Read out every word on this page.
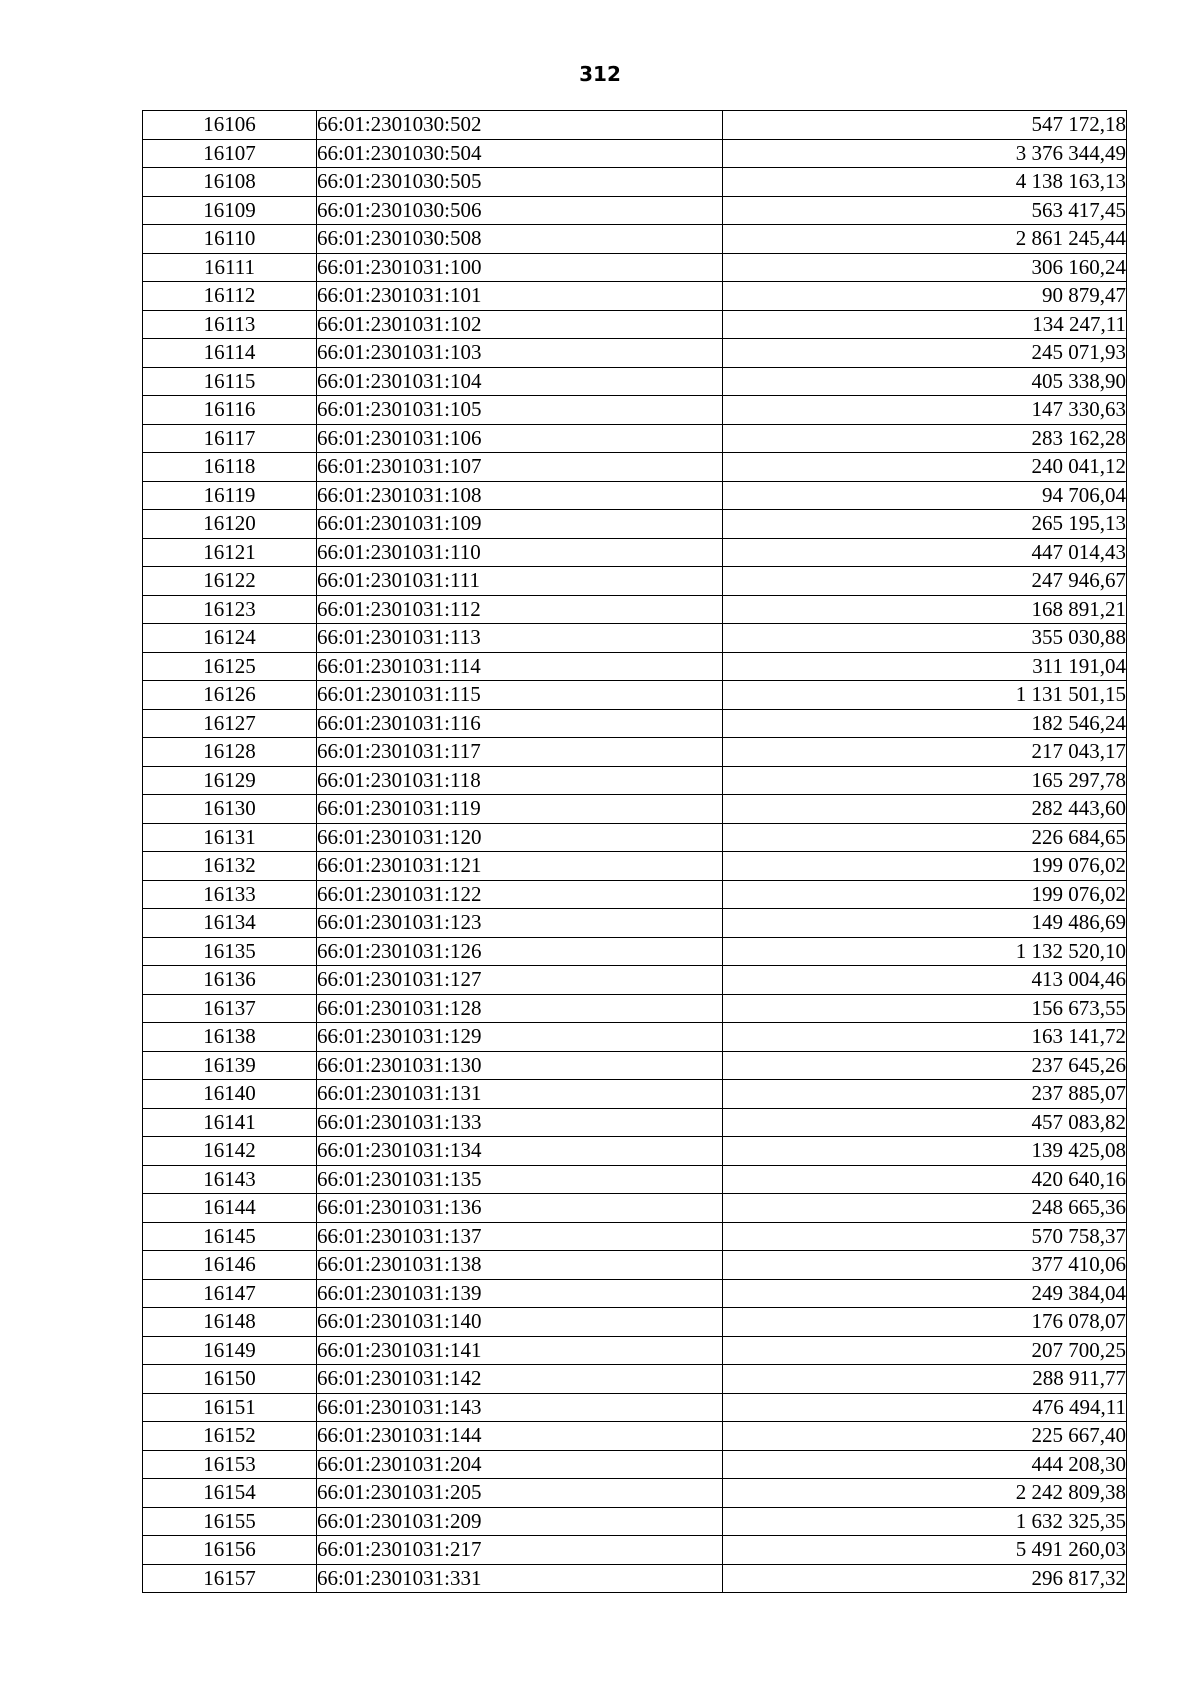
312
16106	66:01:2301030:502	547 172,18
16107	66:01:2301030:504	3 376 344,49
16108	66:01:2301030:505	4 138 163,13
16109	66:01:2301030:506	563 417,45
16110	66:01:2301030:508	2 861 245,44
16111	66:01:2301031:100	306 160,24
16112	66:01:2301031:101	90 879,47
16113	66:01:2301031:102	134 247,11
16114	66:01:2301031:103	245 071,93
16115	66:01:2301031:104	405 338,90
16116	66:01:2301031:105	147 330,63
16117	66:01:2301031:106	283 162,28
16118	66:01:2301031:107	240 041,12
16119	66:01:2301031:108	94 706,04
16120	66:01:2301031:109	265 195,13
16121	66:01:2301031:110	447 014,43
16122	66:01:2301031:111	247 946,67
16123	66:01:2301031:112	168 891,21
16124	66:01:2301031:113	355 030,88
16125	66:01:2301031:114	311 191,04
16126	66:01:2301031:115	1 131 501,15
16127	66:01:2301031:116	182 546,24
16128	66:01:2301031:117	217 043,17
16129	66:01:2301031:118	165 297,78
16130	66:01:2301031:119	282 443,60
16131	66:01:2301031:120	226 684,65
16132	66:01:2301031:121	199 076,02
16133	66:01:2301031:122	199 076,02
16134	66:01:2301031:123	149 486,69
16135	66:01:2301031:126	1 132 520,10
16136	66:01:2301031:127	413 004,46
16137	66:01:2301031:128	156 673,55
16138	66:01:2301031:129	163 141,72
16139	66:01:2301031:130	237 645,26
16140	66:01:2301031:131	237 885,07
16141	66:01:2301031:133	457 083,82
16142	66:01:2301031:134	139 425,08
16143	66:01:2301031:135	420 640,16
16144	66:01:2301031:136	248 665,36
16145	66:01:2301031:137	570 758,37
16146	66:01:2301031:138	377 410,06
16147	66:01:2301031:139	249 384,04
16148	66:01:2301031:140	176 078,07
16149	66:01:2301031:141	207 700,25
16150	66:01:2301031:142	288 911,77
16151	66:01:2301031:143	476 494,11
16152	66:01:2301031:144	225 667,40
16153	66:01:2301031:204	444 208,30
16154	66:01:2301031:205	2 242 809,38
16155	66:01:2301031:209	1 632 325,35
16156	66:01:2301031:217	5 491 260,03
16157	66:01:2301031:331	296 817,32
